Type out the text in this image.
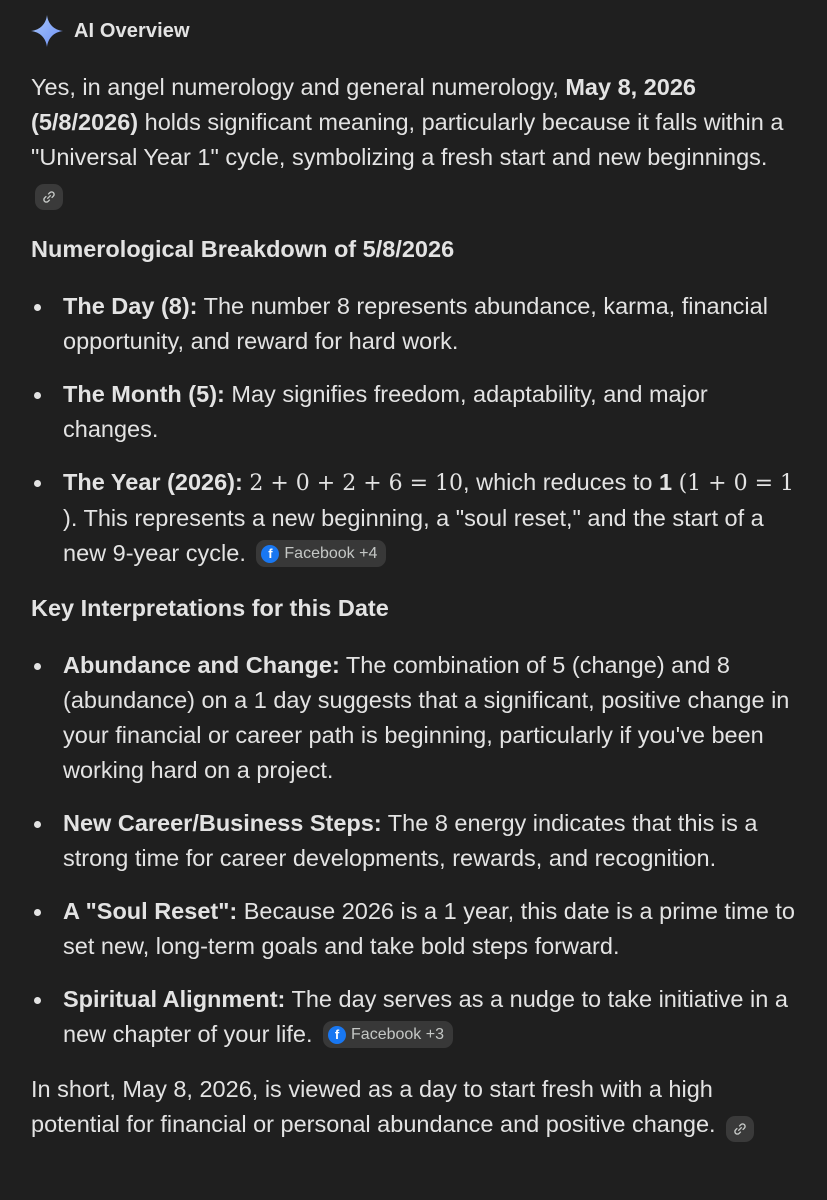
AI Overview

Yes, in angel numerology and general numerology, May 8, 2026 (5/8/2026) holds significant meaning, particularly because it falls within a "Universal Year 1" cycle, symbolizing a fresh start and new beginnings.

Numerological Breakdown of 5/8/2026

The Day (8): The number 8 represents abundance, karma, financial opportunity, and reward for hard work.
The Month (5): May signifies freedom, adaptability, and major changes.
The Year (2026): 2 + 0 + 2 + 6 = 10, which reduces to 1 (1 + 0 = 1
). This represents a new beginning, a "soul reset," and the start of a new 9-year cycle.	f Facebook +4

Key Interpretations for this Date

Abundance and Change: The combination of 5 (change) and 8 (abundance) on a 1 day suggests that a significant, positive change in your financial or career path is beginning, particularly if you've been working hard on a project.
New Career/Business Steps: The 8 energy indicates that this is a strong time for career developments, rewards, and recognition.
A "Soul Reset": Because 2026 is a 1 year, this date is a prime time to set new, long-term goals and take bold steps forward.
Spiritual Alignment: The day serves as a nudge to take initiative in a new chapter of your life.	f Facebook +3

In short, May 8, 2026, is viewed as a day to start fresh with a high potential for financial or personal abundance and positive change.
